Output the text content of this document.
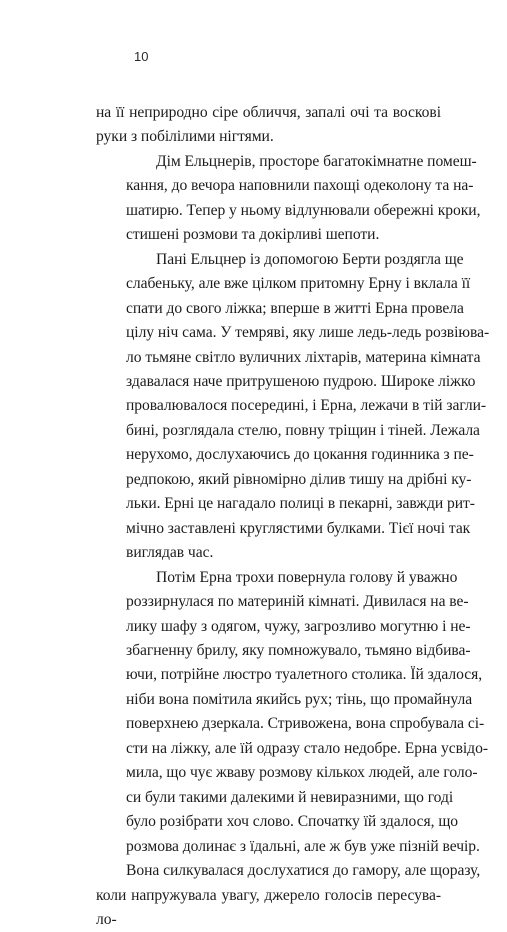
10
на її неприродно сіре обличчя, запалі очі та воскові
руки з побілілими нігтями.
Дім Ельцнерів, просторе багатокімнатне помеш-
кання, до вечора наповнили пахощі одеколону та на-
шатирю. Тепер у ньому відлунювали обережні кроки,
стишені розмови та докірливі шепоти.
Пані Ельцнер із допомогою Берти роздягла ще
слабеньку, але вже цілком притомну Ерну і вклала її
спати до свого ліжка; вперше в житті Ерна провела
цілу ніч сама. У темряві, яку лише ледь-ледь розвіюва-
ло тьмяне світло вуличних ліхтарів, материна кімната
здавалася наче притрушеною пудрою. Широке ліжко
провалювалося посередині, і Ерна, лежачи в тій загли-
бині, розглядала стелю, повну тріщин і тіней. Лежала
нерухомо, дослухаючись до цокання годинника з пе-
редпокою, який рівномірно ділив тишу на дрібні ку-
льки. Ерні це нагадало полиці в пекарні, завжди рит-
мічно заставлені круглястими булками. Тієї ночі так
виглядав час.
Потім Ерна трохи повернула голову й уважно
роззирнулася по материній кімнаті. Дивилася на ве-
лику шафу з одягом, чужу, загрозливо могутню і не-
збагненну брилу, яку помножувало, тьмяно відбива-
ючи, потрійне люстро туалетного столика. Їй здалося,
ніби вона помітила якийсь рух; тінь, що промайнула
поверхнею дзеркала. Стривожена, вона спробувала сі-
сти на ліжку, але їй одразу стало недобре. Ерна усвідо-
мила, що чує жваву розмову кількох людей, але голо-
си були такими далекими й невиразними, що годі
було розібрати хоч слово. Спочатку їй здалося, що
розмова долинає з їдальні, але ж був уже пізній вечір.
Вона силкувалася дослухатися до гамору, але щоразу,
коли напружувала увагу, джерело голосів пересува-ло-
